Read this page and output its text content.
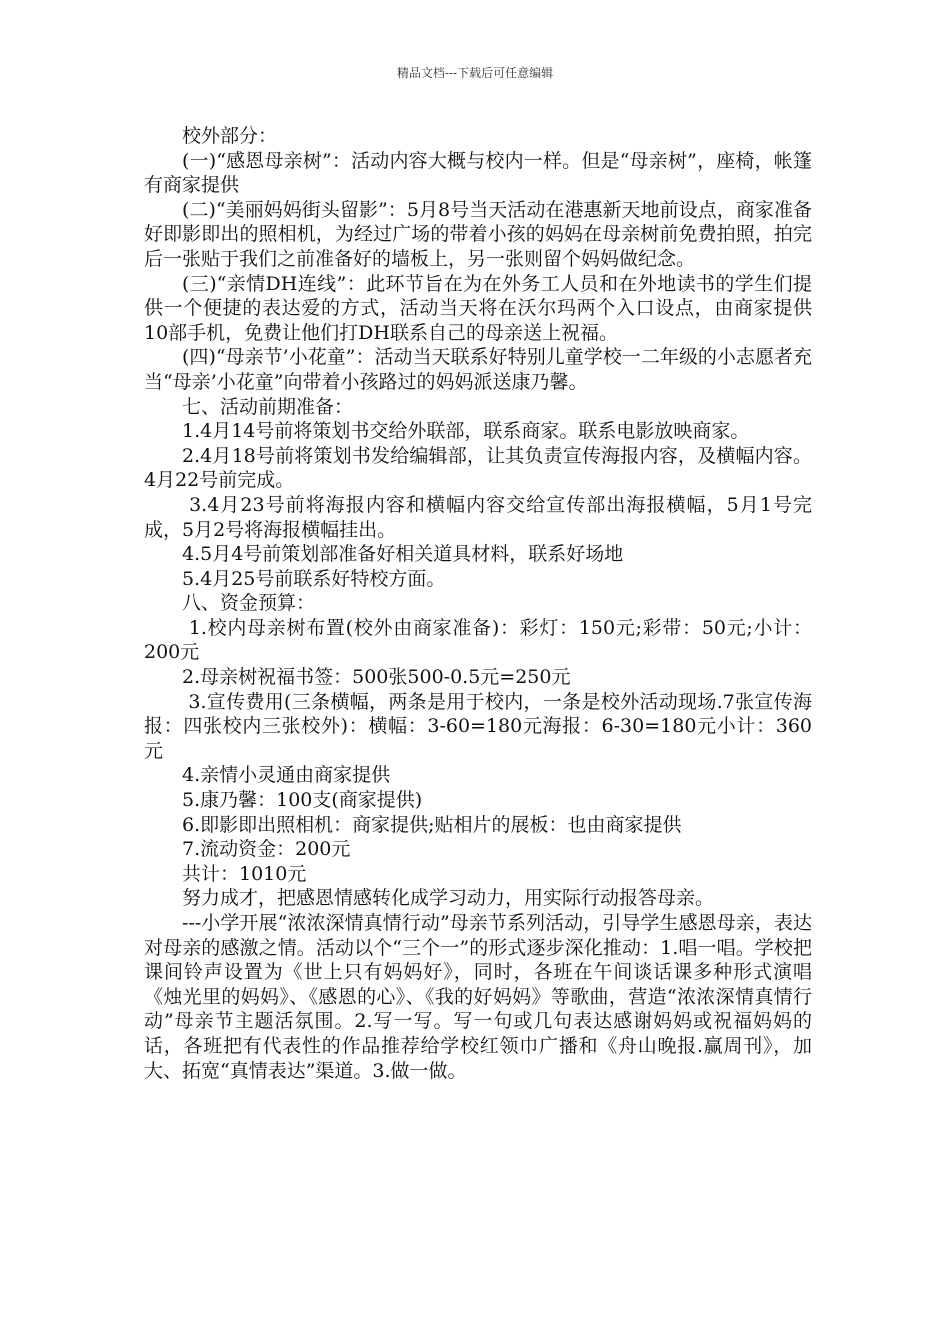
精品文档---下载后可任意编辑

校外部分：

(一)“感恩母亲树”：活动内容大概与校内一样。但是“母亲树”，座椅，帐篷有商家提供

(二)“美丽妈妈街头留影”：5月8号当天活动在港惠新天地前设点，商家准备好即影即出的照相机，为经过广场的带着小孩的妈妈在母亲树前免费拍照，拍完后一张贴于我们之前准备好的墙板上，另一张则留个妈妈做纪念。

(三)“亲情DH连线”：此环节旨在为在外务工人员和在外地读书的学生们提供一个便捷的表达爱的方式，活动当天将在沃尔玛两个入口设点，由商家提供10部手机，免费让他们打DH联系自己的母亲送上祝福。

(四)“母亲节’小花童”：活动当天联系好特别儿童学校一二年级的小志愿者充当“母亲’小花童”向带着小孩路过的妈妈派送康乃馨。

七、活动前期准备：

1.4月14号前将策划书交给外联部，联系商家。联系电影放映商家。

2.4月18号前将策划书发给编辑部，让其负责宣传海报内容，及横幅内容。4月22号前完成。

3.4月23号前将海报内容和横幅内容交给宣传部出海报横幅，5月1号完成，5月2号将海报横幅挂出。

4.5月4号前策划部准备好相关道具材料，联系好场地

5.4月25号前联系好特校方面。

八、资金预算：

1.校内母亲树布置(校外由商家准备)：彩灯：150元;彩带：50元;小计：200元

2.母亲树祝福书签：500张500-0.5元=250元

3.宣传费用(三条横幅，两条是用于校内，一条是校外活动现场.7张宣传海报：四张校内三张校外)：横幅：3-60=180元海报：6-30=180元小计：360元

4.亲情小灵通由商家提供

5.康乃馨：100支(商家提供)

6.即影即出照相机：商家提供;贴相片的展板：也由商家提供

7.流动资金：200元

共计：1010元

努力成才，把感恩情感转化成学习动力，用实际行动报答母亲。

---小学开展“浓浓深情真情行动”母亲节系列活动，引导学生感恩母亲，表达对母亲的感激之情。活动以个“三个一”的形式逐步深化推动：1.唱一唱。学校把课间铃声设置为《世上只有妈妈好》，同时，各班在午间谈话课多种形式演唱《烛光里的妈妈》、《感恩的心》、《我的好妈妈》等歌曲，营造“浓浓深情真情行动”母亲节主题活氛围。2.写一写。写一句或几句表达感谢妈妈或祝福妈妈的话，各班把有代表性的作品推荐给学校红领巾广播和《舟山晚报.赢周刊》，加大、拓宽“真情表达”渠道。3.做一做。
